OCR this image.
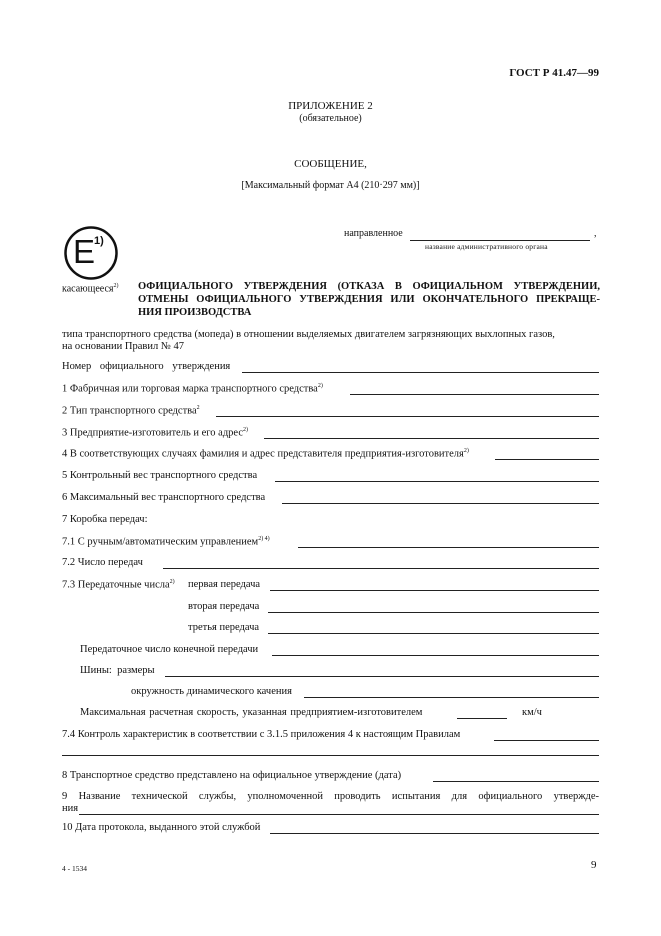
ГОСТ Р 41.47—99
ПРИЛОЖЕНИЕ 2
(обязательное)
СООБЩЕНИЕ,
[Максимальный формат А4 (210·297 мм)]
E
1)
направленное	,
название административного органа
касающееся$^{2)}$ ОФИЦИАЛЬНОГО УТВЕРЖДЕНИЯ (ОТКАЗА В ОФИЦИАЛЬНОМ УТВЕРЖДЕНИИ,
ОТМЕНЫ ОФИЦИАЛЬНОГО УТВЕРЖДЕНИЯ ИЛИ ОКОНЧАТЕЛЬНОГО ПРЕКРАЩЕ-
НИЯ ПРОИЗВОДСТВА
типа транспортного средства (мопеда) в отношении выделяемых двигателем загрязняющих выхлопных газов,
на основании Правил № 47
Номер официального утверждения
1 Фабричная или торговая марка транспортного средства$^{2)}$
2 Тип транспортного средства$^2$
3 Предприятие-изготовитель и его адрес$^{2)}$
4 В соответствующих случаях фамилия и адрес представителя предприятия-изготовителя$^{2)}$
5 Контрольный вес транспортного средства
6 Максимальный вес транспортного средства
7 Коробка передач:
7.1 С ручным/автоматическим управлением$^{2) 4)}$
7.2 Число передач
7.3 Передаточные числа$^{2)}$ первая передача
вторая передача
третья передача
Передаточное число конечной передачи
Шины: размеры
окружность динамического качения
Максимальная расчетная скорость, указанная предприятием-изготовителем	км/ч
7.4 Контроль характеристик в соответствии с 3.1.5 приложения 4 к настоящим Правилам
8 Транспортное средство представлено на официальное утверждение (дата)
9 Название технической службы, уполномоченной проводить испытания для официального утвержде-
ния
10 Дата протокола, выданного этой службой
4 - 1534	9
